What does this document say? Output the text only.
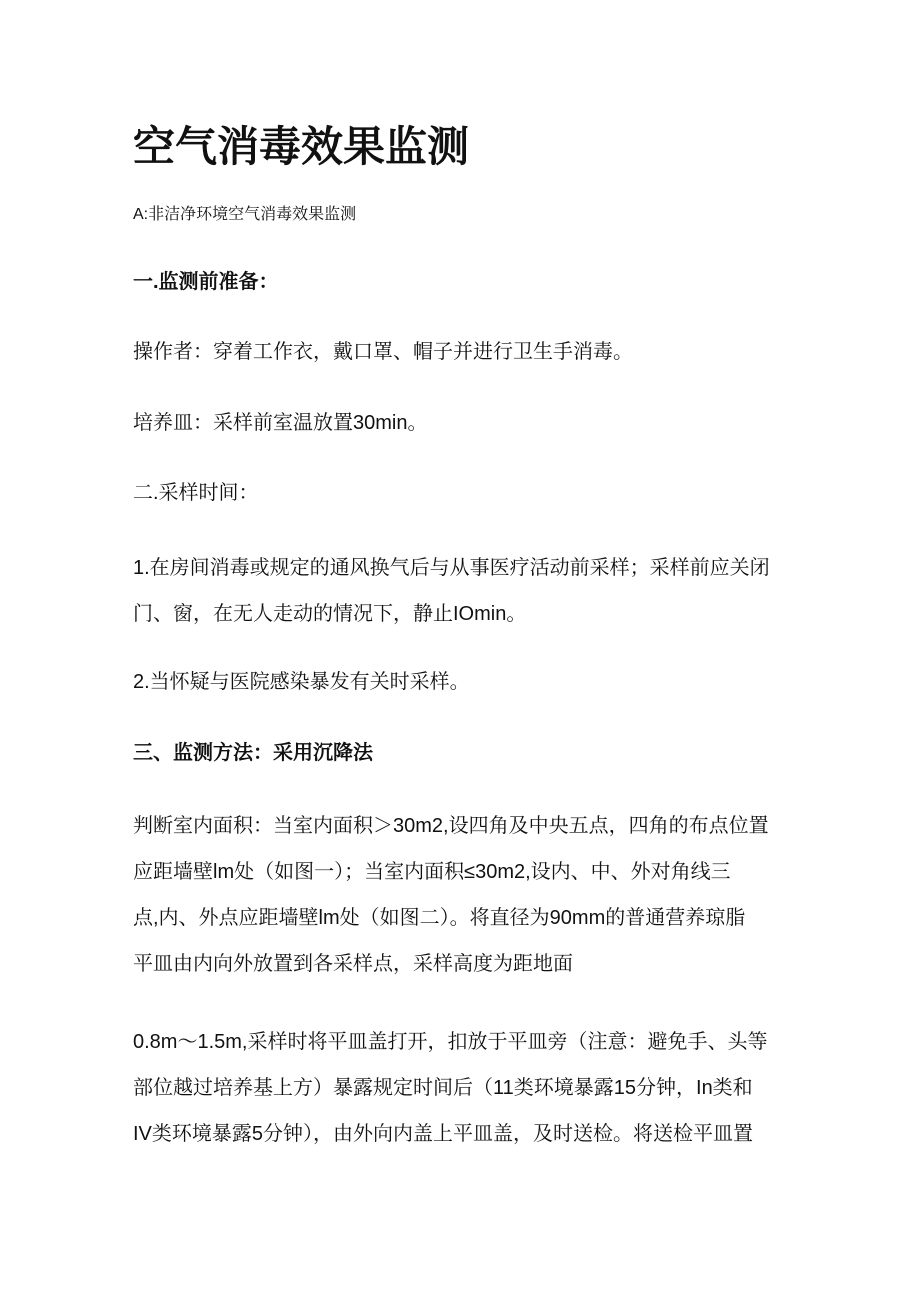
空气消毒效果监测

A:非洁净环境空气消毒效果监测

一.监测前准备：

操作者：穿着工作衣，戴口罩、帽子并进行卫生手消毒。

培养皿：采样前室温放置30min。

二.采样时间：

1.在房间消毒或规定的通风换气后与从事医疗活动前采样；采样前应关闭
门、窗，在无人走动的情况下，静止IOmin。

2.当怀疑与医院感染暴发有关时采样。

三、监测方法：采用沉降法

判断室内面积：当室内面积＞30m2,设四角及中央五点，四角的布点位置
应距墙壁lm处（如图一）；当室内面积≤30m2,设内、中、外对角线三
点,内、外点应距墙壁lm处（如图二）。将直径为90mm的普通营养琼脂
平皿由内向外放置到各采样点，采样高度为距地面
0.8m～1.5m,采样时将平皿盖打开，扣放于平皿旁（注意：避免手、头等
部位越过培养基上方）暴露规定时间后（11类环境暴露15分钟，In类和
IV类环境暴露5分钟），由外向内盖上平皿盖，及时送检。将送检平皿置
